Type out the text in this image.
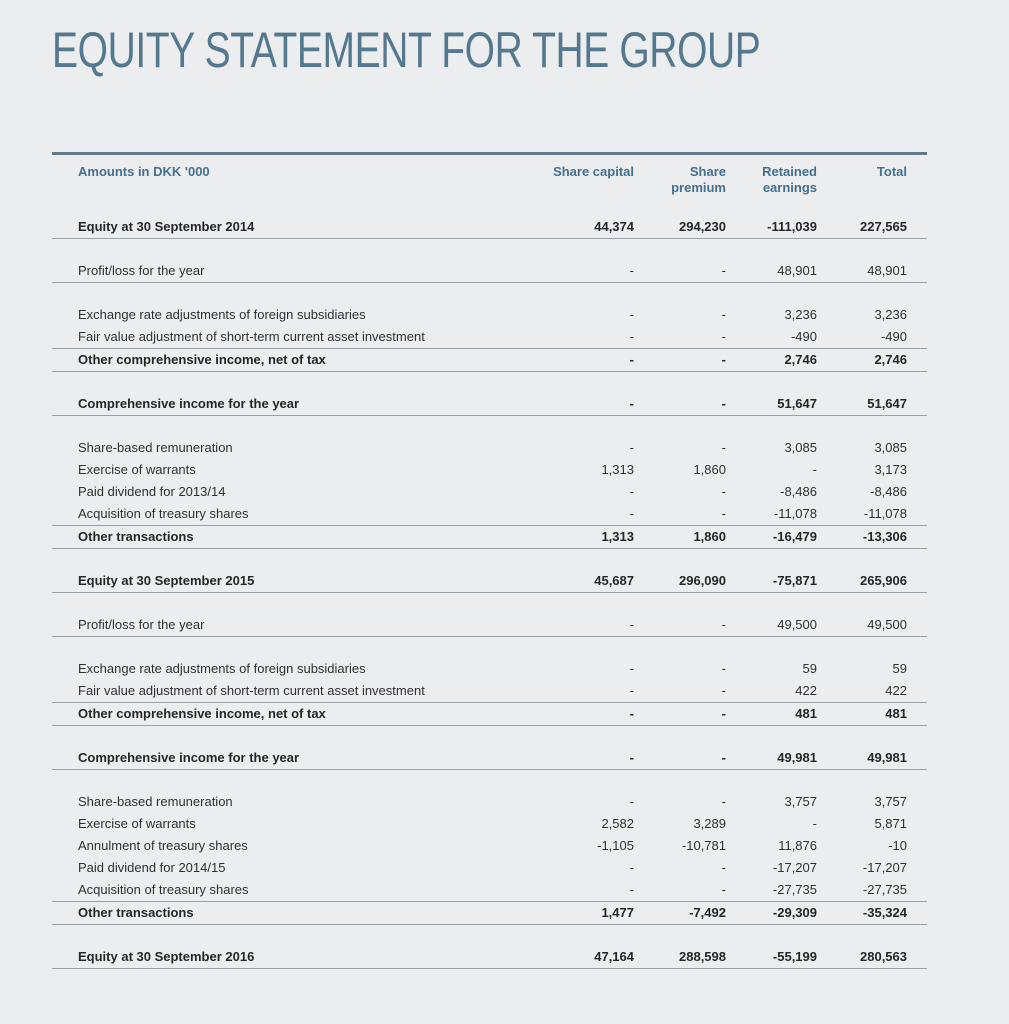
EQUITY STATEMENT FOR THE GROUP
Amounts in DKK '000	Share capital	Share premium	Retained earnings	Total
Equity at 30 September 2014	44,374	294,230	-111,039	227,565

Profit/loss for the year	-	-	48,901	48,901

Exchange rate adjustments of foreign subsidiaries	-	-	3,236	3,236
Fair value adjustment of short-term current asset investment	-	-	-490	-490
Other comprehensive income, net of tax	-	-	2,746	2,746

Comprehensive income for the year	-	-	51,647	51,647

Share-based remuneration	-	-	3,085	3,085
Exercise of warrants	1,313	1,860	-	3,173
Paid dividend for 2013/14	-	-	-8,486	-8,486
Acquisition of treasury shares	-	-	-11,078	-11,078
Other transactions	1,313	1,860	-16,479	-13,306

Equity at 30 September 2015	45,687	296,090	-75,871	265,906

Profit/loss for the year	-	-	49,500	49,500

Exchange rate adjustments of foreign subsidiaries	-	-	59	59
Fair value adjustment of short-term current asset investment	-	-	422	422
Other comprehensive income, net of tax	-	-	481	481

Comprehensive income for the year	-	-	49,981	49,981

Share-based remuneration	-	-	3,757	3,757
Exercise of warrants	2,582	3,289	-	5,871
Annulment of treasury shares	-1,105	-10,781	11,876	-10
Paid dividend for 2014/15	-	-	-17,207	-17,207
Acquisition of treasury shares	-	-	-27,735	-27,735
Other transactions	1,477	-7,492	-29,309	-35,324

Equity at 30 September 2016	47,164	288,598	-55,199	280,563
